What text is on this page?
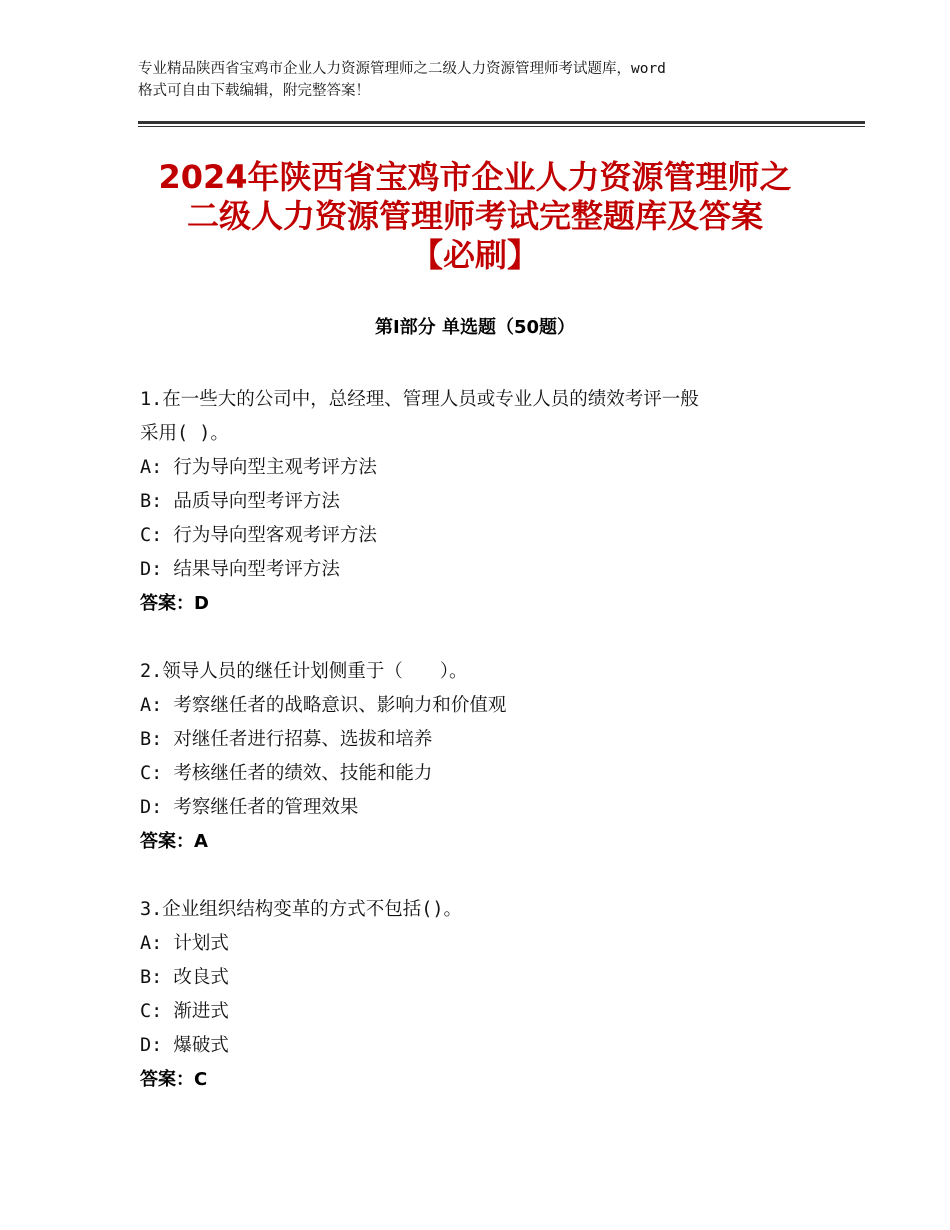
专业精品陕西省宝鸡市企业人力资源管理师之二级人力资源管理师考试题库，word
格式可自由下载编辑，附完整答案！
2024年陕西省宝鸡市企业人力资源管理师之
二级人力资源管理师考试完整题库及答案
【必刷】
第Ⅰ部分 单选题（50题）
1.在一些大的公司中，总经理、管理人员或专业人员的绩效考评一般
采用( )。
A: 行为导向型主观考评方法
B: 品质导向型考评方法
C: 行为导向型客观考评方法
D: 结果导向型考评方法
答案：D
2.领导人员的继任计划侧重于（　　）。
A: 考察继任者的战略意识、影响力和价值观
B: 对继任者进行招募、选拔和培养
C: 考核继任者的绩效、技能和能力
D: 考察继任者的管理效果
答案：A
3.企业组织结构变革的方式不包括()。
A: 计划式
B: 改良式
C: 渐进式
D: 爆破式
答案：C
